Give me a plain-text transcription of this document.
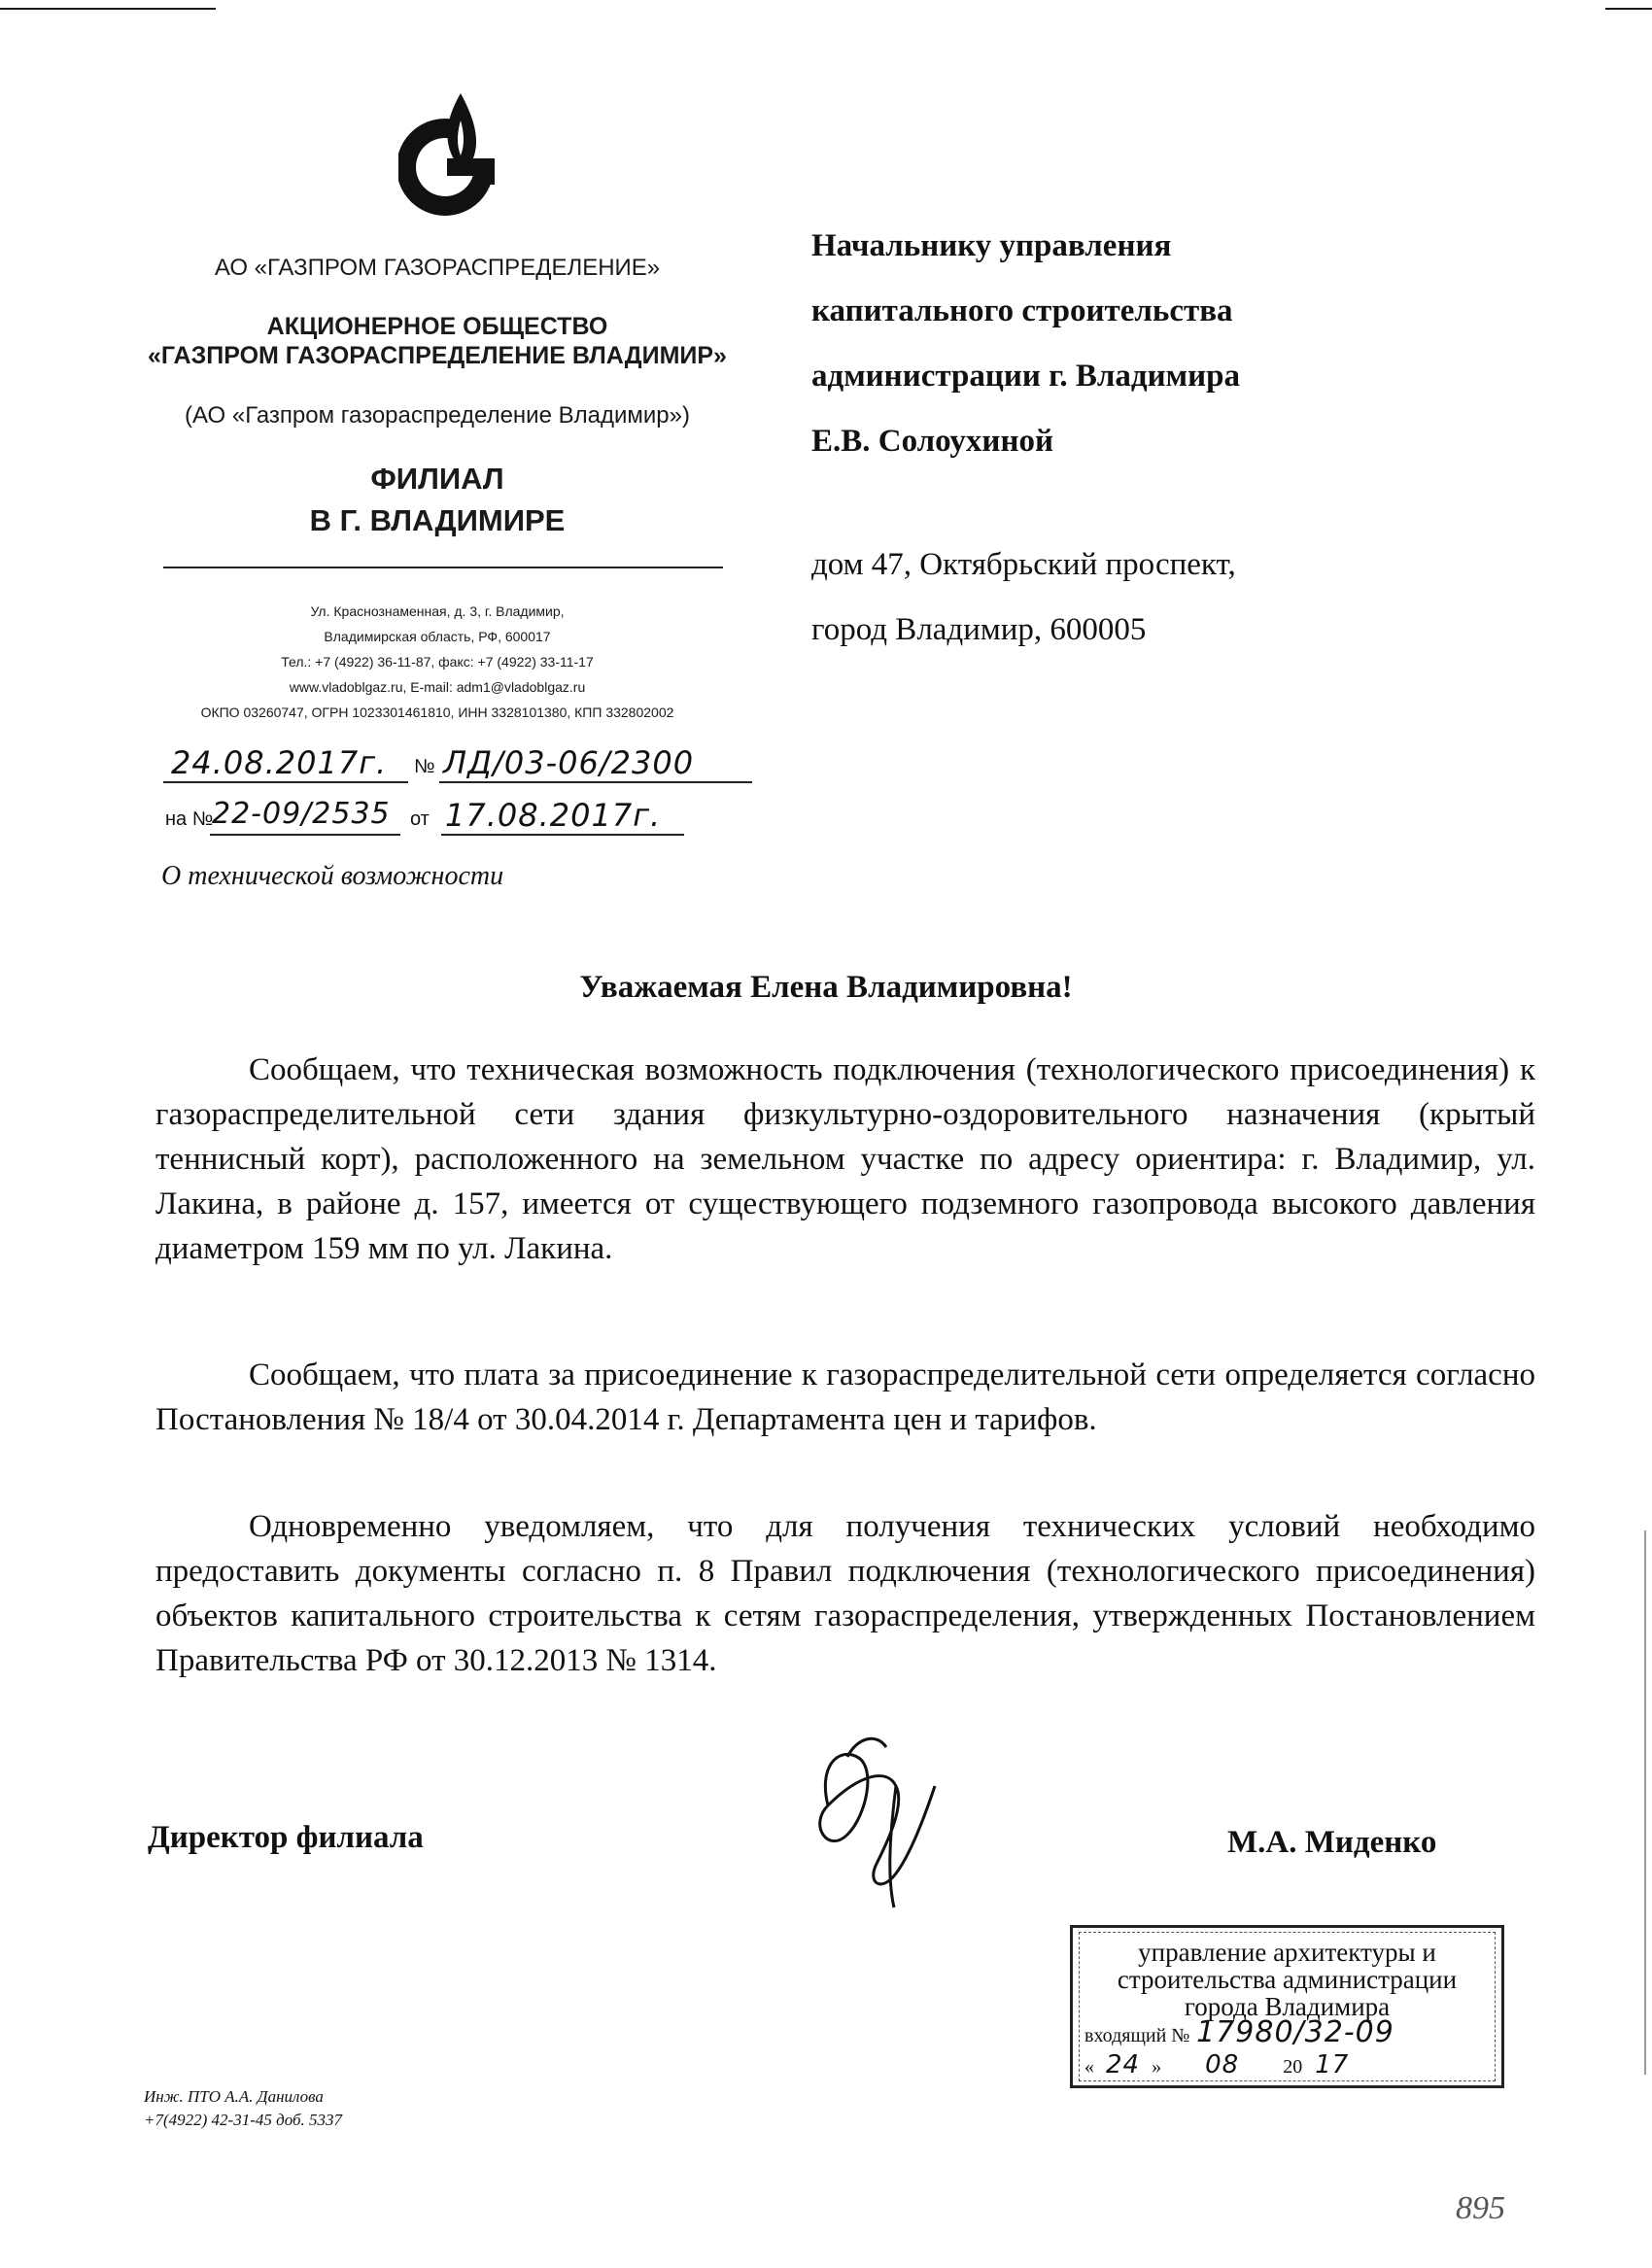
АО «ГАЗПРОМ ГАЗОРАСПРЕДЕЛЕНИЕ»
АКЦИОНЕРНОЕ ОБЩЕСТВО
«ГАЗПРОМ ГАЗОРАСПРЕДЕЛЕНИЕ ВЛАДИМИР»
(АО «Газпром газораспределение Владимир»)
ФИЛИАЛ
В Г. ВЛАДИМИРЕ
Ул. Краснознаменная, д. 3, г. Владимир,
Владимирская область, РФ, 600017
Тел.: +7 (4922) 36-11-87, факс: +7 (4922) 33-11-17
www.vladoblgaz.ru, E-mail: adm1@vladoblgaz.ru
ОКПО 03260747, ОГРН 1023301461810, ИНН 3328101380, КПП 332802002
24.08.2017г. № ЛД/03-06/2300
на №
22-09/2535 от 17.08.2017г.
О технической возможности
Начальнику управления
капитального строительства
администрации г. Владимира
Е.В. Солоухиной
дом 47, Октябрьский проспект,
город Владимир, 600005
Уважаемая Елена Владимировна!
Сообщаем, что техническая возможность подключения (технологического присоединения) к газораспределительной сети здания физкультурно-оздоровительного назначения (крытый теннисный корт), расположенного на земельном участке по адресу ориентира: г. Владимир, ул. Лакина, в районе д. 157, имеется от существующего подземного газопровода высокого давления диаметром 159 мм по ул. Лакина.
Сообщаем, что плата за присоединение к газораспределительной сети определяется согласно Постановления № 18/4 от 30.04.2014 г. Департамента цен и тарифов.
Одновременно уведомляем, что для получения технических условий необходимо предоставить документы согласно п. 8 Правил подключения (технологического присоединения) объектов капитального строительства к сетям газораспределения, утвержденных Постановлением Правительства РФ от 30.12.2013 № 1314.
Директор филиала	М.А. Миденко
управление архитектуры и
строительства администрации
города Владимира
входящий № 17980/32-09
« 24 » 08 20 17
Инж. ПТО А.А. Данилова
+7(4922) 42-31-45 доб. 5337
895
